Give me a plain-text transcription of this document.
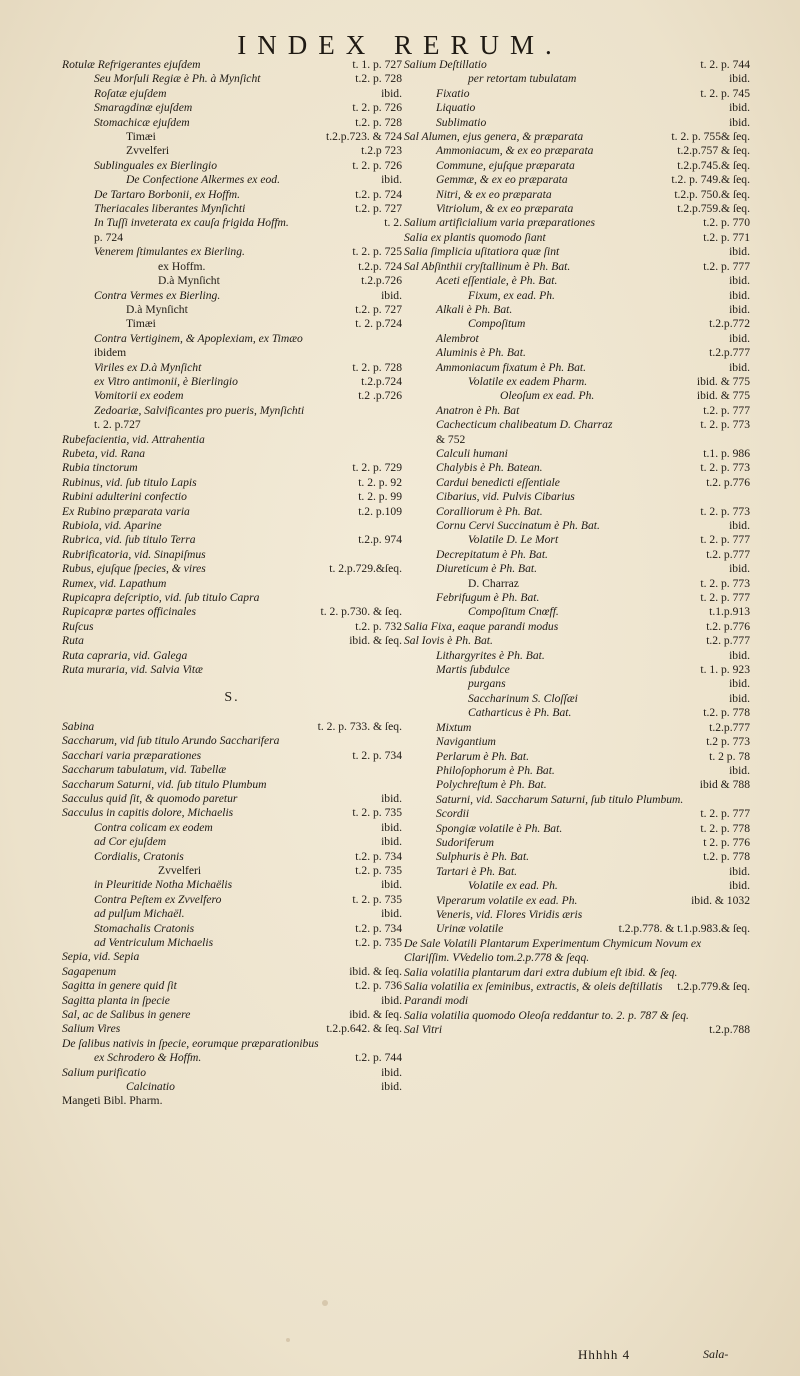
INDEX RERUM.
Rotulæ Refrigerantes ejuſdem	t. 1. p. 727
Seu Morſuli Regiæ è Ph. à Mynſicht	t.2. p. 728
Roſatæ ejuſdem	ibid.
Smaragdinæ ejuſdem	t. 2. p. 726
Stomachicæ ejuſdem	t.2. p. 728
Timæi	t.2.p.723. & 724
Zvvelferi	t.2.p 723
Sublinguales ex Bierlingio	t. 2. p. 726
De Confectione Alkermes ex eod.	ibid.
De Tartaro Borbonii, ex Hoffm.	t.2. p. 724
Theriacales liberantes Mynſichti	t.2. p. 727
In Tuſſi inveterata ex cauſa frigida Hoffm.	t. 2.
p. 724
Venerem ſtimulantes ex Bierling.	t. 2. p. 725
ex Hoffm.	t.2.p. 724
D.à Mynſicht	t.2.p.726
Contra Vermes ex Bierling.	ibid.
D.à Mynſicht	t.2. p. 727
Timæi	t. 2. p.724
Contra Vertiginem, & Apoplexiam, ex Timæo
ibidem
Viriles ex D.à Mynſicht	t. 2. p. 728
ex Vitro antimonii, è Bierlingio	t.2.p.724
Vomitorii ex eodem	t.2 .p.726
Zedoariæ, Salvificantes pro pueris, Mynſichti
t. 2. p.727
Rubefacientia, vid. Attrahentia
Rubeta, vid. Rana
Rubia tinctorum	t. 2. p. 729
Rubinus, vid. ſub titulo Lapis	t. 2. p. 92
Rubini adulterini confectio	t. 2. p. 99
Ex Rubino præparata varia	t.2. p.109
Rubiola, vid. Aparine
Rubrica, vid. ſub titulo Terra	t.2.p. 974
Rubrificatoria, vid. Sinapiſmus
Rubus, ejuſque ſpecies, & vires	t. 2.p.729.&ſeq.
Rumex, vid. Lapathum
Rupicapra deſcriptio, vid. ſub titulo Capra
Rupicapræ partes officinales	t. 2. p.730. & ſeq.
Ruſcus	t.2. p. 732
Ruta	ibid. & ſeq.
Ruta capraria, vid. Galega
Ruta muraria, vid. Salvia Vitæ
S.
Sabina	t. 2. p. 733. & ſeq.
Saccharum, vid ſub titulo Arundo Saccharifera
Sacchari varia præparationes	t. 2. p. 734
Saccharum tabulatum, vid. Tabellæ
Saccharum Saturni, vid. ſub titulo Plumbum
Sacculus quid ſit, & quomodo paretur	ibid.
Sacculus in capitis dolore, Michaelis	t. 2. p. 735
Contra colicam ex eodem	ibid.
ad Cor ejuſdem	ibid.
Cordialis, Cratonis	t.2. p. 734
Zvvelferi	t.2. p. 735
in Pleuritide Notha Michaëlis	ibid.
Contra Peſtem ex Zvvelfero	t. 2. p. 735
ad pulſum Michaël.	ibid.
Stomachalis Cratonis	t.2. p. 734
ad Ventriculum Michaelis	t.2. p. 735
Sepia, vid. Sepia
Sagapenum	ibid. & ſeq.
Sagitta in genere quid ſit	t.2. p. 736
Sagitta planta in ſpecie	ibid.
Sal, ac de Salibus in genere	ibid. & ſeq.
Salium Vires	t.2.p.642. & ſeq.
De ſalibus nativis in ſpecie, eorumque præparationibus
ex Schrodero & Hoffm.	t.2. p. 744
Salium purificatio	ibid.
Calcinatio	ibid.
Mangeti Bibl. Pharm.
Salium Deſtillatio	t. 2. p. 744
per retortam tubulatam	ibid.
Fixatio	t. 2. p. 745
Liquatio	ibid.
Sublimatio	ibid.
Sal Alumen, ejus genera, & præparata	t. 2. p. 755& ſeq.
Ammoniacum, & ex eo præparata	t.2.p.757 & ſeq.
Commune, ejuſque præparata	t.2.p.745.& ſeq.
Gemmæ, & ex eo præparata	t.2. p. 749.& ſeq.
Nitri, & ex eo præparata	t.2.p. 750.& ſeq.
Vitriolum, & ex eo præparata	t.2.p.759.& ſeq.
Salium artificialium varia præparationes	t.2. p. 770
Salia ex plantis quomodo ſiant	t.2. p. 771
Salia ſimplicia uſitatiora quæ ſint	ibid.
Sal Abſinthii cryſtallinum è Ph. Bat.	t.2. p. 777
Aceti eſſentiale, è Ph. Bat.	ibid.
Fixum, ex ead. Ph.	ibid.
Alkali è Ph. Bat.	ibid.
Compoſitum	t.2.p.772
Alembrot	ibid.
Aluminis è Ph. Bat.	t.2.p.777
Ammoniacum fixatum è Ph. Bat.	ibid.
Volatile ex eadem Pharm.	ibid. & 775
Oleoſum ex ead. Ph.	ibid. & 775
Anatron è Ph. Bat	t.2. p. 777
Cachecticum chalibeatum D. Charraz	t. 2. p. 773
& 752
Calculi humani	t.1. p. 986
Chalybis è Ph. Batean.	t. 2. p. 773
Cardui benedicti eſſentiale	t.2. p.776
Cibarius, vid. Pulvis Cibarius
Coralliorum è Ph. Bat.	t. 2. p. 773
Cornu Cervi Succinatum è Ph. Bat.	ibid.
Volatile D. Le Mort	t. 2. p. 777
Decrepitatum è Ph. Bat.	t.2. p.777
Diureticum è Ph. Bat.	ibid.
D. Charraz	t. 2. p. 773
Febrifugum è Ph. Bat.	t. 2. p. 777
Compoſitum Cnœff.	t.1.p.913
Salia Fixa, eaque parandi modus	t.2. p.776
Sal Iovis è Ph. Bat.	t.2. p.777
Lithargyrites è Ph. Bat.	ibid.
Martis ſubdulce	t. 1. p. 923
purgans	ibid.
Saccharinum S. Cloſſæi	ibid.
Catharticus è Ph. Bat.	t.2. p. 778
Mixtum	t.2.p.777
Navigantium	t.2 p. 773
Perlarum è Ph. Bat.	t. 2 p. 78
Philoſophorum è Ph. Bat.	ibid.
Polychreſtum è Ph. Bat.	ibid & 788
Saturni, vid. Saccharum Saturni, ſub titulo Plumbum.
Scordii	t. 2. p. 777
Spongiæ volatile è Ph. Bat.	t. 2. p. 778
Sudoriferum	t 2. p. 776
Sulphuris è Ph. Bat.	t.2. p. 778
Tartari è Ph. Bat.	ibid.
Volatile ex ead. Ph.	ibid.
Viperarum volatile ex ead. Ph.	ibid. & 1032
Veneris, vid. Flores Viridis æris
Urinæ volatile	t.2.p.778. & t.1.p.983.& ſeq.
De Sale Volatili Plantarum Experimentum Chymicum Novum ex Clariſſim. VVedelio tom.2.p.778 & ſeqq.
Salia volatilia plantarum dari extra dubium eſt ibid. & ſeq.
Salia volatilia ex ſeminibus, extractis, & oleis deſtillatis Parandi modi
t.2.p.779.& ſeq.
Salia volatilia quomodo Oleoſa reddantur to. 2. p. 787 & ſeq.
Sal Vitri	t.2.p.788
Hhhhh 4	Sala-
